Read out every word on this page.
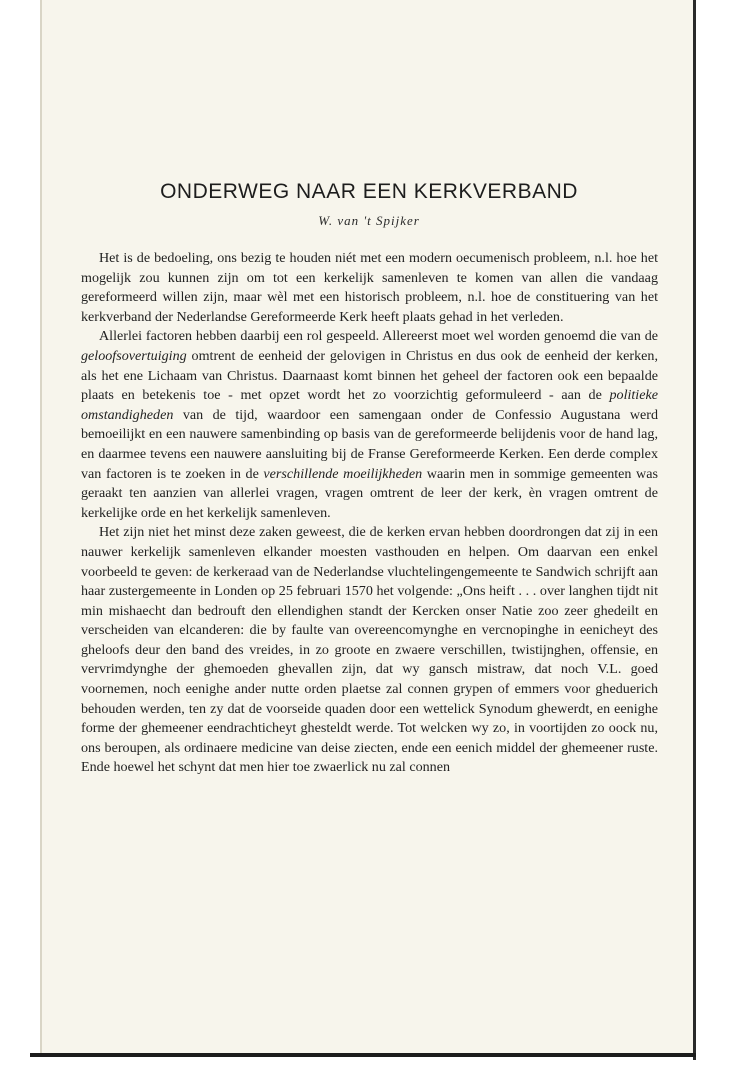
ONDERWEG NAAR EEN KERKVERBAND
W. van 't Spijker

Het is de bedoeling, ons bezig te houden niét met een modern oecumenisch probleem, n.l. hoe het mogelijk zou kunnen zijn om tot een kerkelijk samenleven te komen van allen die vandaag gereformeerd willen zijn, maar wèl met een historisch probleem, n.l. hoe de constituering van het kerkverband der Nederlandse Gereformeerde Kerk heeft plaats gehad in het verleden.

Allerlei factoren hebben daarbij een rol gespeeld. Allereerst moet wel worden genoemd die van de geloofsovertuiging omtrent de eenheid der gelovigen in Christus en dus ook de eenheid der kerken, als het ene Lichaam van Christus. Daarnaast komt binnen het geheel der factoren ook een bepaalde plaats en betekenis toe - met opzet wordt het zo voorzichtig geformuleerd - aan de politieke omstandigheden van de tijd, waardoor een samengaan onder de Confessio Augustana werd bemoeilijkt en een nauwere samenbinding op basis van de gereformeerde belijdenis voor de hand lag, en daarmee tevens een nauwere aansluiting bij de Franse Gereformeerde Kerken. Een derde complex van factoren is te zoeken in de verschillende moeilijkheden waarin men in sommige gemeenten was geraakt ten aanzien van allerlei vragen, vragen omtrent de leer der kerk, èn vragen omtrent de kerkelijke orde en het kerkelijk samenleven.

Het zijn niet het minst deze zaken geweest, die de kerken ervan hebben doordrongen dat zij in een nauwer kerkelijk samenleven elkander moesten vasthouden en helpen. Om daarvan een enkel voorbeeld te geven: de kerkeraad van de Nederlandse vluchtelingengemeente te Sandwich schrijft aan haar zustergemeente in Londen op 25 februari 1570 het volgende: „Ons heift . . . over langhen tijdt nit min mishaecht dan bedrouft den ellendighen standt der Kercken onser Natie zoo zeer ghedeilt en verscheiden van elcanderen: die by faulte van overeencomynghe en vercnopinghe in eenicheyt des gheloofs deur den band des vreides, in zo groote en zwaere verschillen, twistijnghen, offensie, en vervrimdynghe der ghemoeden ghevallen zijn, dat wy gansch mistraw, dat noch V.L. goed voornemen, noch eenighe ander nutte orden plaetse zal connen grypen of emmers voor gheduerich behouden werden, ten zy dat de voorseide quaden door een wettelick Synodum ghewerdt, en eenighe forme der ghemeener eendrachticheyt ghesteldt werde. Tot welcken wy zo, in voortijden zo oock nu, ons beroupen, als ordinaere medicine van deise ziecten, ende een eenich middel der ghemeener ruste. Ende hoewel het schynt dat men hier toe zwaerlick nu zal connen
